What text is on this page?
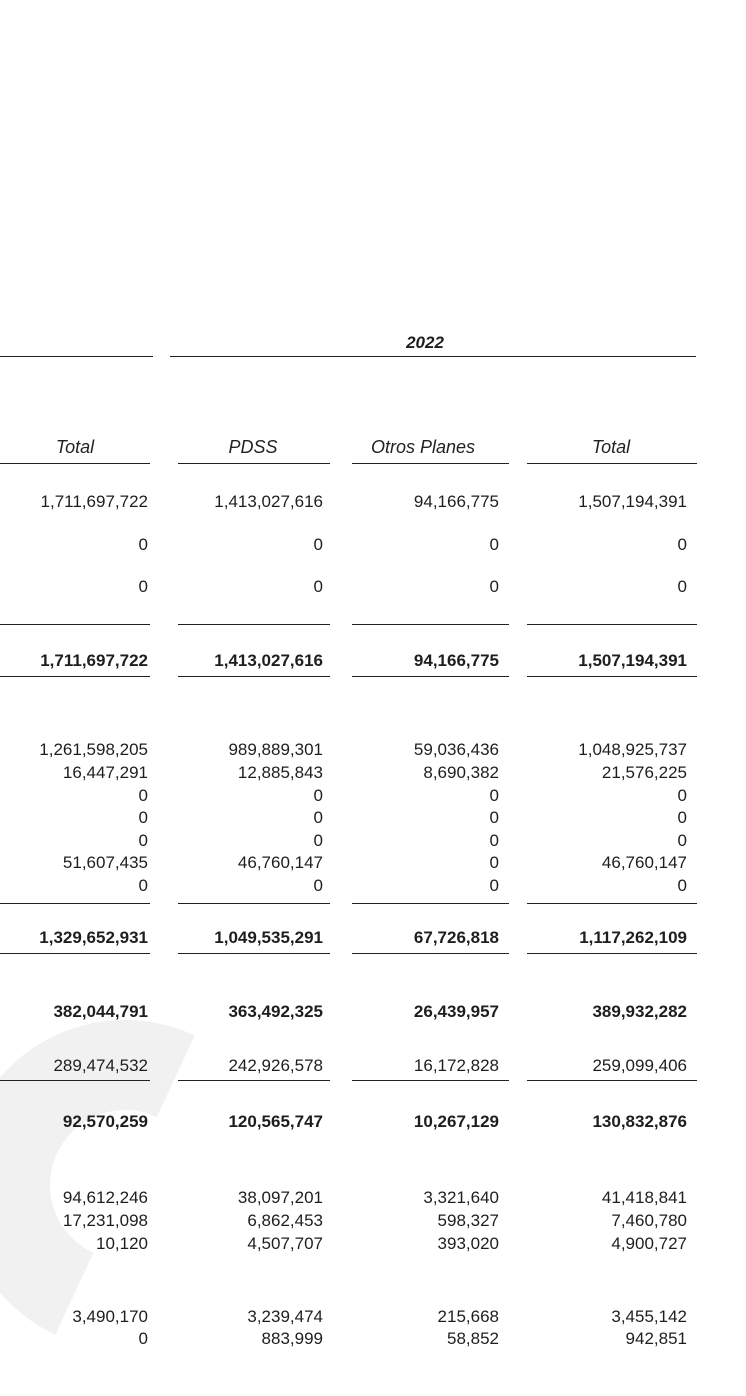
2022
Total	PDSS	Otros Planes	Total
1,711,697,722	1,413,027,616	94,166,775	1,507,194,391
0	0	0	0
0	0	0	0
1,711,697,722	1,413,027,616	94,166,775	1,507,194,391
1,261,598,205	989,889,301	59,036,436	1,048,925,737
16,447,291	12,885,843	8,690,382	21,576,225
0	0	0	0
0	0	0	0
0	0	0	0
51,607,435	46,760,147	0	46,760,147
0	0	0	0
1,329,652,931	1,049,535,291	67,726,818	1,117,262,109
382,044,791	363,492,325	26,439,957	389,932,282
289,474,532	242,926,578	16,172,828	259,099,406
92,570,259	120,565,747	10,267,129	130,832,876
94,612,246	38,097,201	3,321,640	41,418,841
17,231,098	6,862,453	598,327	7,460,780
10,120	4,507,707	393,020	4,900,727
3,490,170	3,239,474	215,668	3,455,142
0	883,999	58,852	942,851
